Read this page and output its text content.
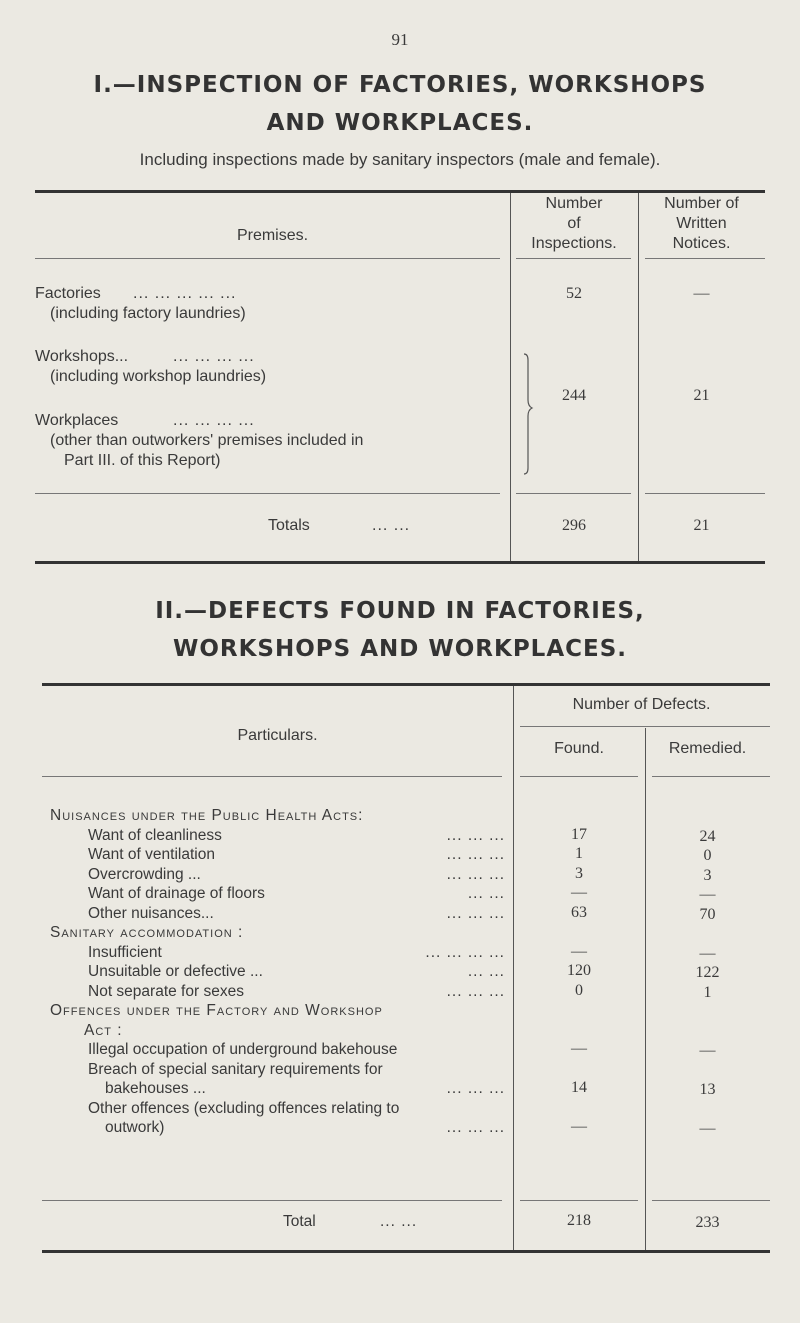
91
I.—INSPECTION OF FACTORIES, WORKSHOPS
AND WORKPLACES.
Including inspections made by sanitary inspectors (male and female).
Premises.
Number
of
Inspections.
Number of
Written
Notices.
Factories ... ... ... ... ...
(including factory laundries)
52	—
Workshops...	... ... ... ...
(including workshop laundries)
Workplaces	... ... ... ...
(other than outworkers' premises included in
Part III. of this Report)
244	21
Totals	... ...	296	21
II.—DEFECTS FOUND IN FACTORIES,
WORKSHOPS AND WORKPLACES.
Particulars.
Number of Defects.
Found.	Remedied.
Nuisances under the Public Health Acts:
Want of cleanliness	... ... ...	17	24
Want of ventilation	... ... ...	1	0
Overcrowding ...	... ... ...	3	3
Want of drainage of floors	... ...	—	—
Other nuisances...	... ... ...	63	70
Sanitary accommodation :
Insufficient	... ... ... ...	—	—
Unsuitable or defective ...	... ...	120	122
Not separate for sexes	... ... ...	0	1
Offences under the Factory and Workshop
Act :
Illegal occupation of underground bakehouse	—	—
Breach of special sanitary requirements for
bakehouses ...	... ... ...	14	13
Other offences (excluding offences relating to
outwork)	... ... ...	—	—
Total	... ...	218	233
